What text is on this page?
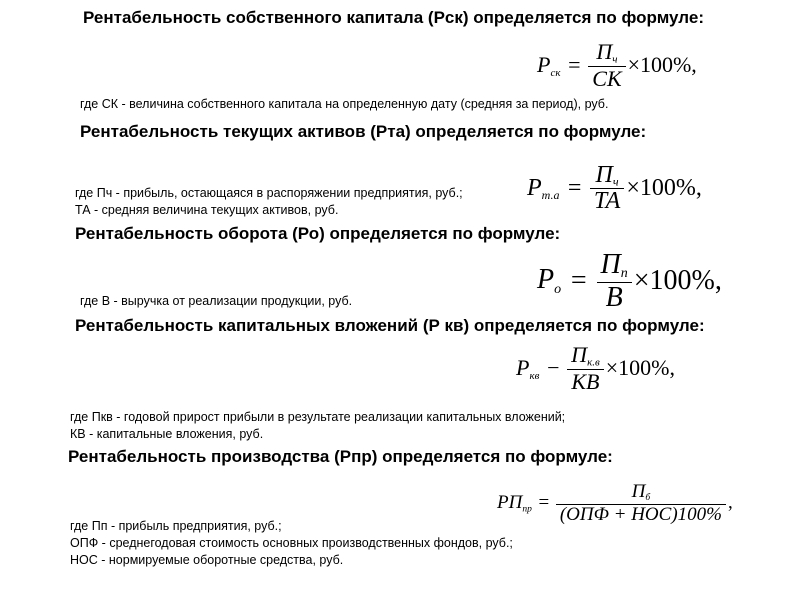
Рентабельность собственного капитала (Рск) определяется по формуле:
$P_{ск} = \frac{П_ч}{СК} \times 100\%$,
где СК - величина собственного капитала на определенную дату (средняя за период), руб.
Рентабельность текущих активов (Рта) определяется по формуле:
$P_{т.а} = \frac{П_ч}{ТА} \times 100\%$,
где Пч - прибыль, остающаяся в распоряжении предприятия, руб.;
ТА - средняя величина текущих активов, руб.
Рентабельность оборота (Ро) определяется по формуле:
$P_о = \frac{П_п}{В} \times 100\%$,
где В - выручка от реализации продукции, руб.
Рентабельность капитальных вложений (Р кв) определяется по формуле:
$P_{кв} - \frac{П_{к.в}}{КВ} \times 100\%$,
где Пкв - годовой прирост прибыли в результате реализации капитальных вложений;
КВ - капитальные вложения, руб.
Рентабельность производства (Рпр) определяется по формуле:
$РП_{пр} = \frac{П_б}{\text{(ОПФ + НОС)100\%}}$ ,
где Пп - прибыль предприятия, руб.;
ОПФ - среднегодовая стоимость основных производственных фондов, руб.;
НОС - нормируемые оборотные средства, руб.
